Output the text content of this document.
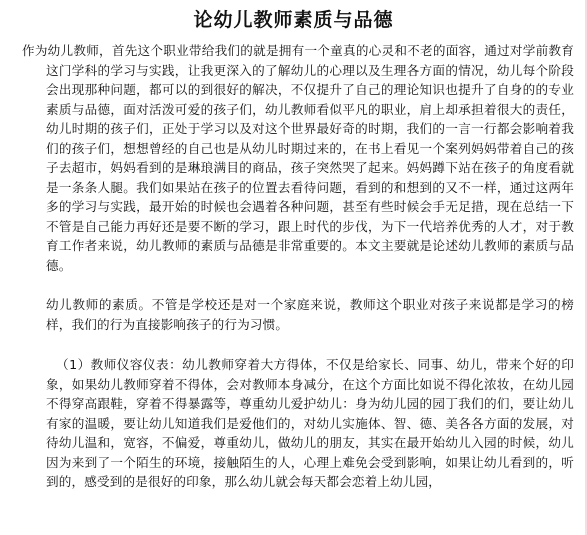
论幼儿教师素质与品德

作为幼儿教师，首先这个职业带给我们的就是拥有一个童真的心灵和不老的面容，通过对学前教育这门学科的学习与实践，让我更深入的了解幼儿的心理以及生理各方面的情况，幼儿每个阶段会出现那种问题，都可以的到很好的解决，不仅提升了自己的理论知识也提升了自身的的专业素质与品德，面对活泼可爱的孩子们，幼儿教师看似平凡的职业，肩上却承担着很大的责任，幼儿时期的孩子们，正处于学习以及对这个世界最好奇的时期，我们的一言一行都会影响着我们的孩子们，想想曾经的自己也是从幼儿时期过来的，在书上看见一个案列妈妈带着自己的孩子去超市，妈妈看到的是琳琅满目的商品，孩子突然哭了起来。妈妈蹲下站在孩子的角度看就是一条条人腿。我们如果站在孩子的位置去看待问题，看到的和想到的又不一样，通过这两年多的学习与实践，最开始的时候也会遇着各种问题，甚至有些时候会手无足措，现在总结一下不管是自己能力再好还是要不断的学习，跟上时代的步伐，为下一代培养优秀的人才，对于教育工作者来说，幼儿教师的素质与品德是非常重要的。本文主要就是论述幼儿教师的素质与品德。

幼儿教师的素质。不管是学校还是对一个家庭来说，教师这个职业对孩子来说都是学习的榜样，我们的行为直接影响孩子的行为习惯。

（1）教师仪容仪表：幼儿教师穿着大方得体，不仅是给家长、同事、幼儿，带来个好的印象，如果幼儿教师穿着不得体，会对教师本身减分，在这个方面比如说不得化浓妆，在幼儿园不得穿高跟鞋，穿着不得暴露等，尊重幼儿爱护幼儿：身为幼儿园的园丁我们的们，要让幼儿有家的温暖，要让幼儿知道我们是爱他们的，对幼儿实施体、智、德、美各各方面的发展，对待幼儿温和，宽容，不偏爱，尊重幼儿，做幼儿的朋友，其实在最开始幼儿入园的时候，幼儿因为来到了一个陌生的环境，接触陌生的人，心理上难免会受到影响，如果让幼儿看到的，听到的，感受到的是很好的印象，那么幼儿就会每天都会恋着上幼儿园，
